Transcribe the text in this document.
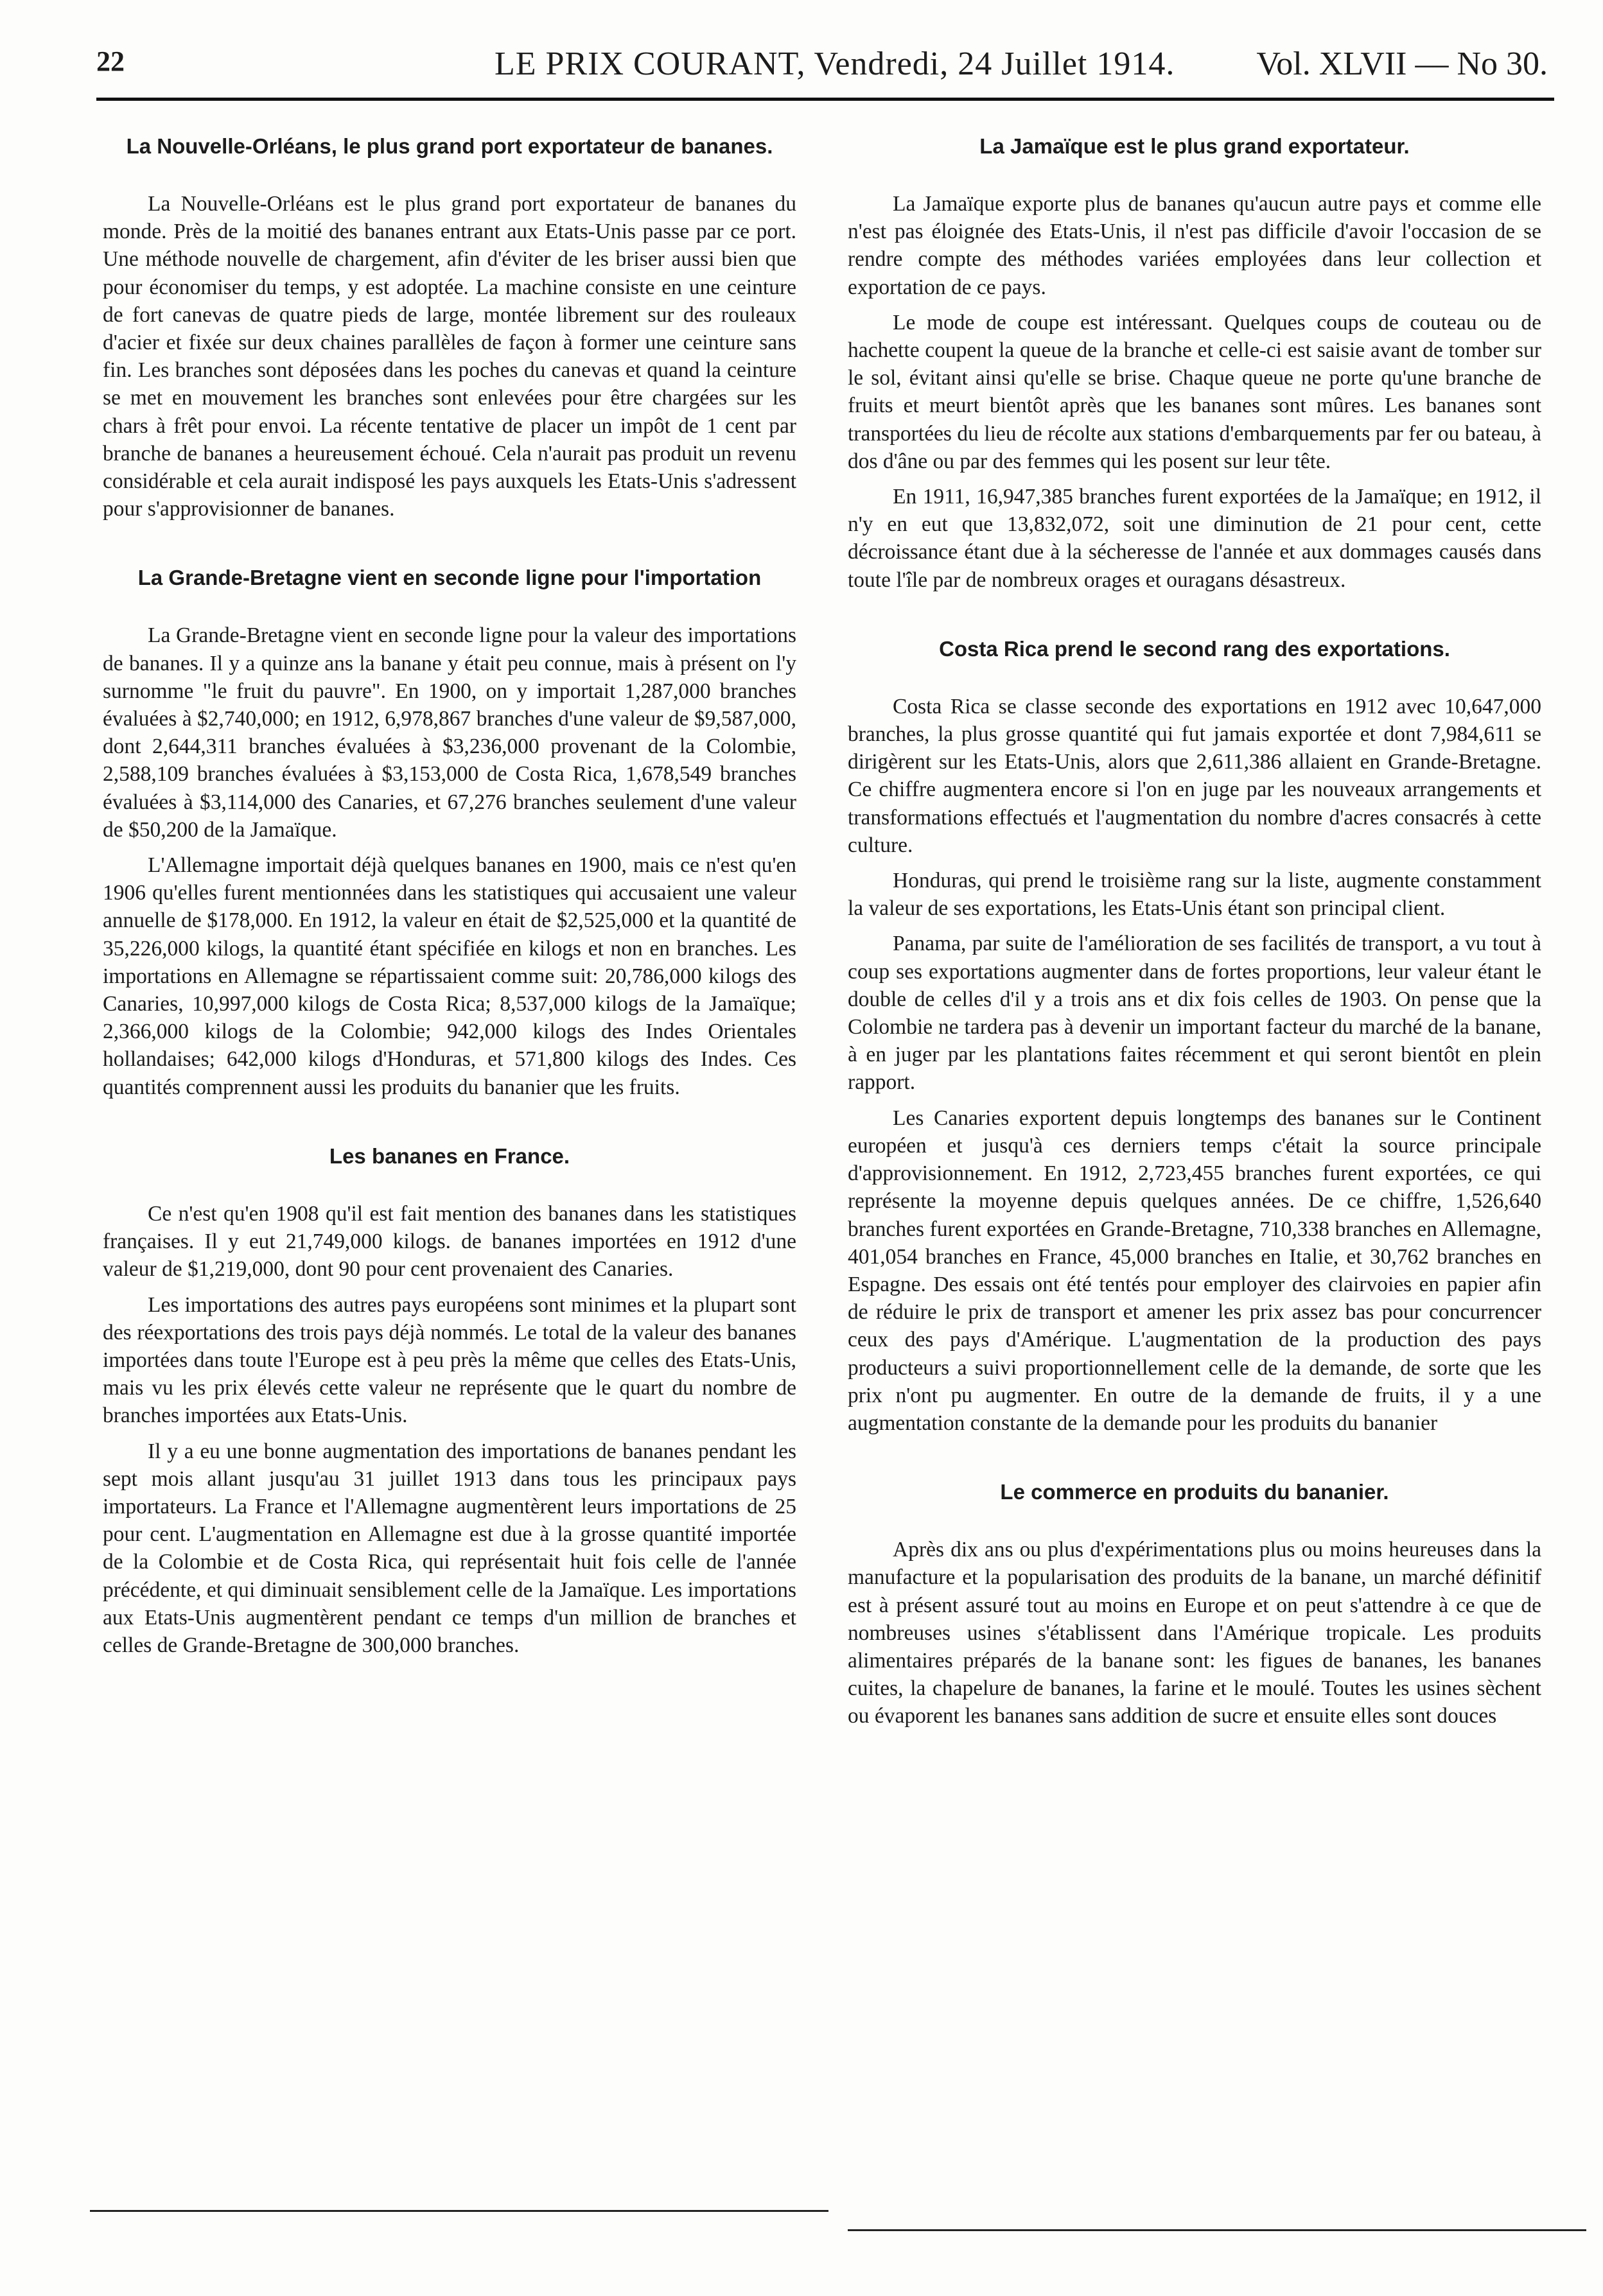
22	LE PRIX COURANT, Vendredi, 24 Juillet 1914. Vol. XLVII — No 30.
La Nouvelle-Orléans, le plus grand port exportateur de bananes.

La Nouvelle-Orléans est le plus grand port exportateur de bananes du monde. Près de la moitié des bananes entrant aux Etats-Unis passe par ce port. Une méthode nouvelle de chargement, afin d'éviter de les briser aussi bien que pour économiser du temps, y est adoptée. La machine consiste en une ceinture de fort canevas de quatre pieds de large, montée librement sur des rouleaux d'acier et fixée sur deux chaines parallèles de façon à former une ceinture sans fin. Les branches sont déposées dans les poches du canevas et quand la ceinture se met en mouvement les branches sont enlevées pour être chargées sur les chars à frêt pour envoi. La récente tentative de placer un impôt de 1 cent par branche de bananes a heureusement échoué. Cela n'aurait pas produit un revenu considérable et cela aurait indisposé les pays auxquels les Etats-Unis s'adressent pour s'approvisionner de bananes.

La Grande-Bretagne vient en seconde ligne pour l'importation

La Grande-Bretagne vient en seconde ligne pour la valeur des importations de bananes. Il y a quinze ans la banane y était peu connue, mais à présent on l'y surnomme "le fruit du pauvre". En 1900, on y importait 1,287,000 branches évaluées à $2,740,000; en 1912, 6,978,867 branches d'une valeur de $9,587,000, dont 2,644,311 branches évaluées à $3,236,000 provenant de la Colombie, 2,588,109 branches évaluées à $3,153,000 de Costa Rica, 1,678,549 branches évaluées à $3,114,000 des Canaries, et 67,276 branches seulement d'une valeur de $50,200 de la Jamaïque.

L'Allemagne importait déjà quelques bananes en 1900, mais ce n'est qu'en 1906 qu'elles furent mentionnées dans les statistiques qui accusaient une valeur annuelle de $178,000. En 1912, la valeur en était de $2,525,000 et la quantité de 35,226,000 kilogs, la quantité étant spécifiée en kilogs et non en branches. Les importations en Allemagne se répartissaient comme suit: 20,786,000 kilogs des Canaries, 10,997,000 kilogs de Costa Rica; 8,537,000 kilogs de la Jamaïque; 2,366,000 kilogs de la Colombie; 942,000 kilogs des Indes Orientales hollandaises; 642,000 kilogs d'Honduras, et 571,800 kilogs des Indes. Ces quantités comprennent aussi les produits du bananier que les fruits.

Les bananes en France.

Ce n'est qu'en 1908 qu'il est fait mention des bananes dans les statistiques françaises. Il y eut 21,749,000 kilogs. de bananes importées en 1912 d'une valeur de $1,219,000, dont 90 pour cent provenaient des Canaries.

Les importations des autres pays européens sont minimes et la plupart sont des réexportations des trois pays déjà nommés. Le total de la valeur des bananes importées dans toute l'Europe est à peu près la même que celles des Etats-Unis, mais vu les prix élevés cette valeur ne représente que le quart du nombre de branches importées aux Etats-Unis.

Il y a eu une bonne augmentation des importations de bananes pendant les sept mois allant jusqu'au 31 juillet 1913 dans tous les principaux pays importateurs. La France et l'Allemagne augmentèrent leurs importations de 25 pour cent. L'augmentation en Allemagne est due à la grosse quantité importée de la Colombie et de Costa Rica, qui représentait huit fois celle de l'année précédente, et qui diminuait sensiblement celle de la Jamaïque. Les importations aux Etats-Unis augmentèrent pendant ce temps d'un million de branches et celles de Grande-Bretagne de 300,000 branches.

La Jamaïque est le plus grand exportateur.

La Jamaïque exporte plus de bananes qu'aucun autre pays et comme elle n'est pas éloignée des Etats-Unis, il n'est pas difficile d'avoir l'occasion de se rendre compte des méthodes variées employées dans leur collection et exportation de ce pays.

Le mode de coupe est intéressant. Quelques coups de couteau ou de hachette coupent la queue de la branche et celle-ci est saisie avant de tomber sur le sol, évitant ainsi qu'elle se brise. Chaque queue ne porte qu'une branche de fruits et meurt bientôt après que les bananes sont mûres. Les bananes sont transportées du lieu de récolte aux stations d'embarquements par fer ou bateau, à dos d'âne ou par des femmes qui les posent sur leur tête.

En 1911, 16,947,385 branches furent exportées de la Jamaïque; en 1912, il n'y en eut que 13,832,072, soit une diminution de 21 pour cent, cette décroissance étant due à la sécheresse de l'année et aux dommages causés dans toute l'île par de nombreux orages et ouragans désastreux.

Costa Rica prend le second rang des exportations.

Costa Rica se classe seconde des exportations en 1912 avec 10,647,000 branches, la plus grosse quantité qui fut jamais exportée et dont 7,984,611 se dirigèrent sur les Etats-Unis, alors que 2,611,386 allaient en Grande-Bretagne. Ce chiffre augmentera encore si l'on en juge par les nouveaux arrangements et transformations effectués et l'augmentation du nombre d'acres consacrés à cette culture.

Honduras, qui prend le troisième rang sur la liste, augmente constamment la valeur de ses exportations, les Etats-Unis étant son principal client.

Panama, par suite de l'amélioration de ses facilités de transport, a vu tout à coup ses exportations augmenter dans de fortes proportions, leur valeur étant le double de celles d'il y a trois ans et dix fois celles de 1903. On pense que la Colombie ne tardera pas à devenir un important facteur du marché de la banane, à en juger par les plantations faites récemment et qui seront bientôt en plein rapport.

Les Canaries exportent depuis longtemps des bananes sur le Continent européen et jusqu'à ces derniers temps c'était la source principale d'approvisionnement. En 1912, 2,723,455 branches furent exportées, ce qui représente la moyenne depuis quelques années. De ce chiffre, 1,526,640 branches furent exportées en Grande-Bretagne, 710,338 branches en Allemagne, 401,054 branches en France, 45,000 branches en Italie, et 30,762 branches en Espagne. Des essais ont été tentés pour employer des clairvoies en papier afin de réduire le prix de transport et amener les prix assez bas pour concurrencer ceux des pays d'Amérique. L'augmentation de la production des pays producteurs a suivi proportionnellement celle de la demande, de sorte que les prix n'ont pu augmenter. En outre de la demande de fruits, il y a une augmentation constante de la demande pour les produits du bananier

Le commerce en produits du bananier.

Après dix ans ou plus d'expérimentations plus ou moins heureuses dans la manufacture et la popularisation des produits de la banane, un marché définitif est à présent assuré tout au moins en Europe et on peut s'attendre à ce que de nombreuses usines s'établissent dans l'Amérique tropicale. Les produits alimentaires préparés de la banane sont: les figues de bananes, les bananes cuites, la chapelure de bananes, la farine et le moulé. Toutes les usines sèchent ou évaporent les bananes sans addition de sucre et ensuite elles sont douces
